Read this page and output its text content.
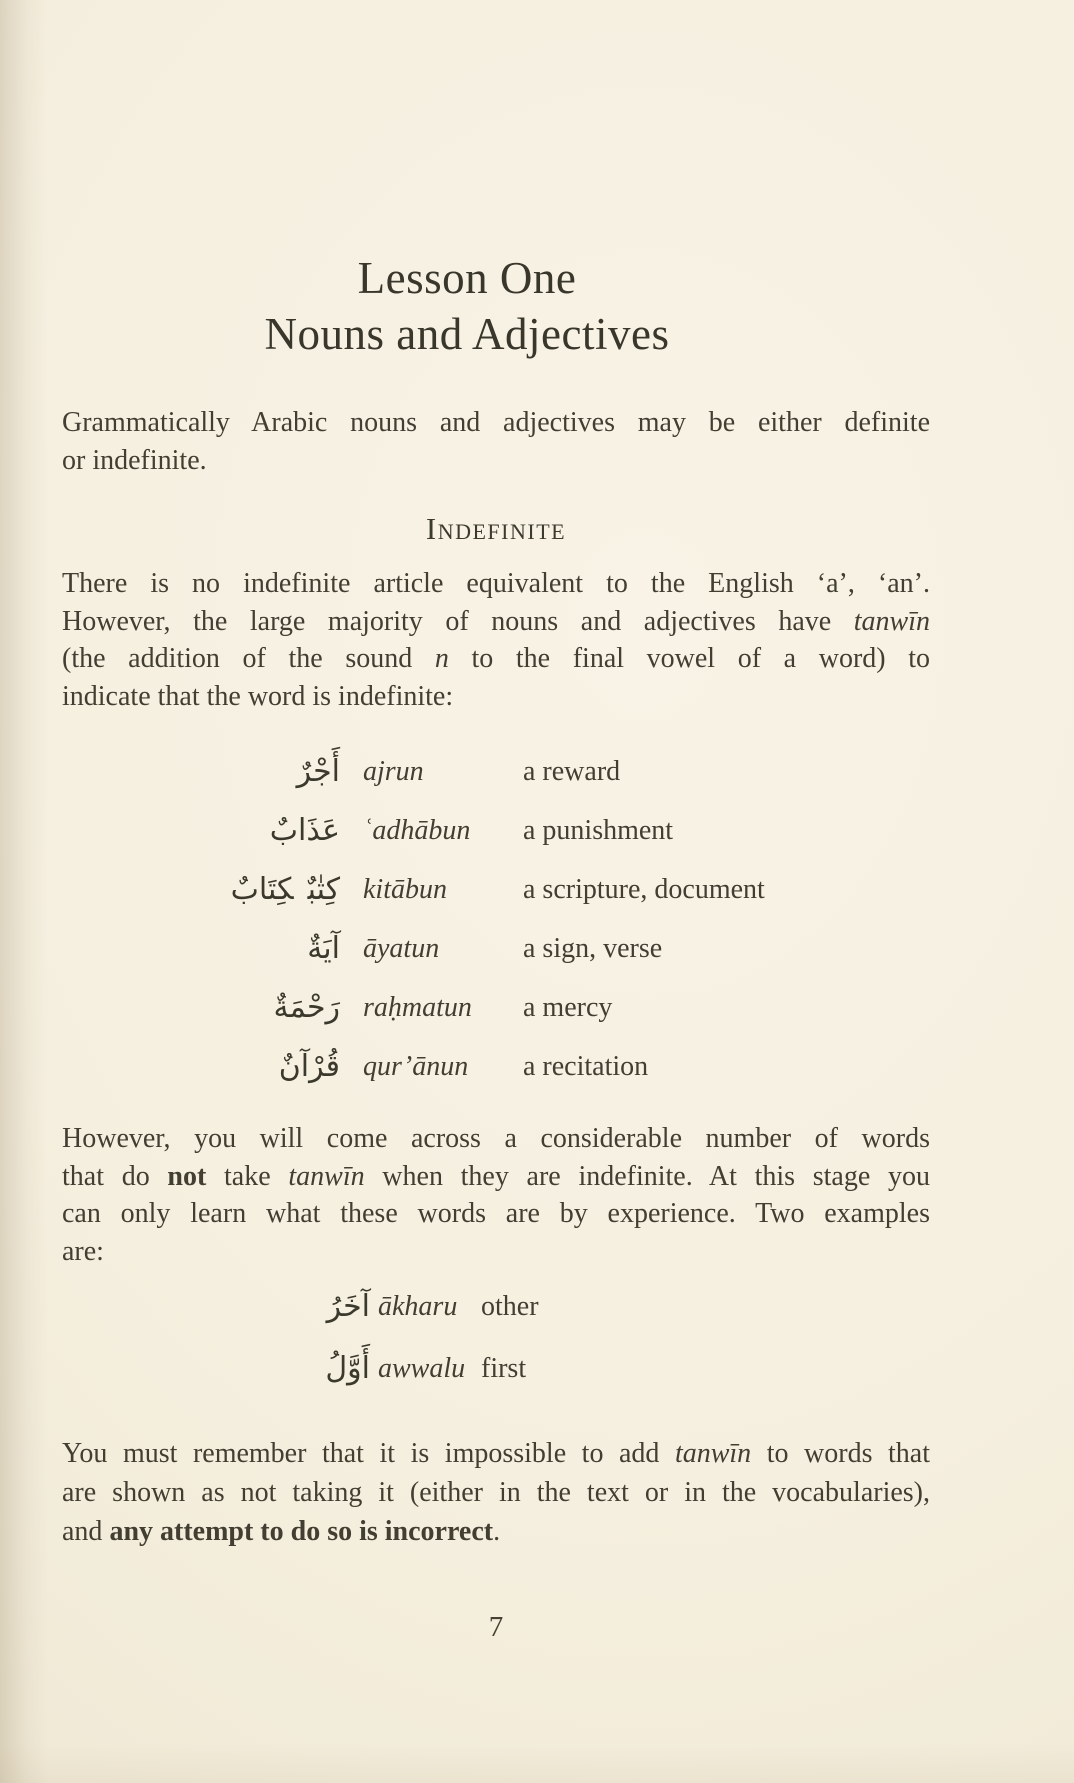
Lesson One
Nouns and Adjectives
Grammatically Arabic nouns and adjectives may be either definite
or indefinite.
Indefinite
There is no indefinite article equivalent to the English ‘a’, ‘an’.
However, the large majority of nouns and adjectives have tanwīn
(the addition of the sound n to the final vowel of a word) to
indicate that the word is indefinite:
أَجْرٌ ajrun	a reward
عَذَابٌ ʿadhābun	a punishment
كِتٰبٌكِتَابٌ	kitābun	a scripture, document
آيَةٌ āyatun	a sign, verse
رَحْمَةٌ raḥmatun	a mercy
قُرْآنٌ qur’ānun	a recitation
However, you will come across a considerable number of words
that do not take tanwīn when they are indefinite. At this stage you
can only learn what these words are by experience. Two examples
are:
آخَرُ ākharu other
أَوَّلُ awwalu first
You must remember that it is impossible to add tanwīn to words that
are shown as not taking it (either in the text or in the vocabularies),
and any attempt to do so is incorrect.
7
